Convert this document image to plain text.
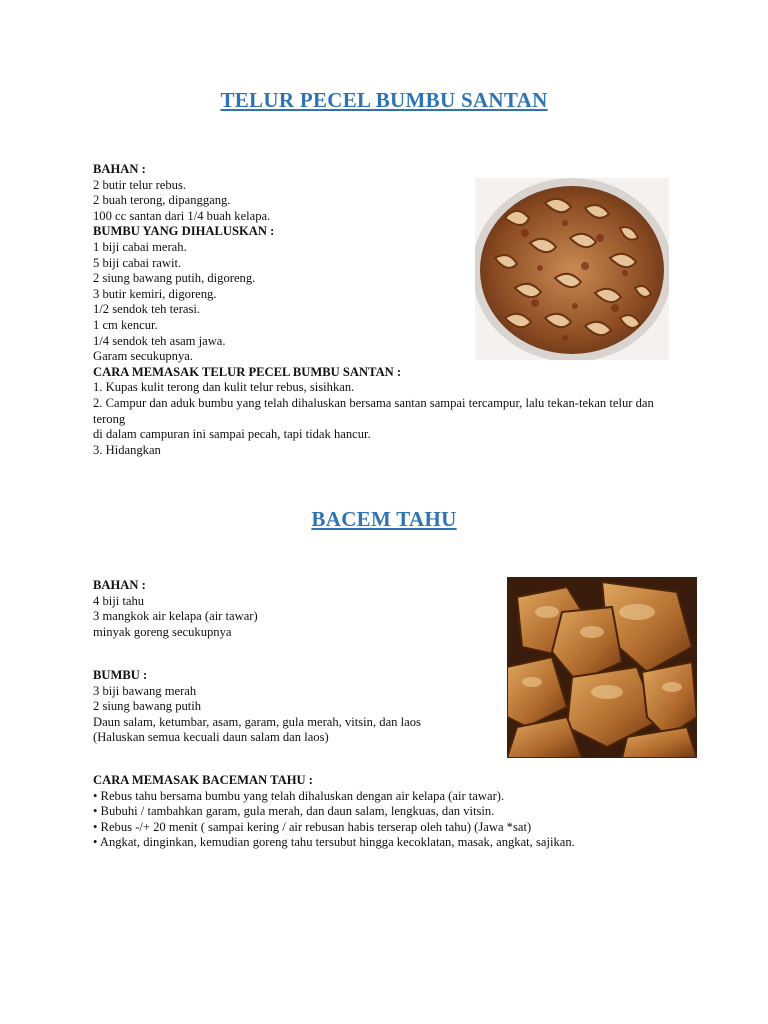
TELUR PECEL BUMBU SANTAN
BAHAN :
2 butir telur rebus.
2 buah terong, dipanggang.
100 cc santan dari 1/4 buah kelapa.
BUMBU YANG DIHALUSKAN :
1 biji cabai merah.
5 biji cabai rawit.
2 siung bawang putih, digoreng.
3 butir kemiri, digoreng.
1/2 sendok teh terasi.
1 cm kencur.
1/4 sendok teh asam jawa.
Garam secukupnya.
CARA MEMASAK TELUR PECEL BUMBU SANTAN :
1. Kupas kulit terong dan kulit telur rebus, sisihkan.
2. Campur dan aduk bumbu yang telah dihaluskan bersama santan sampai tercampur, lalu tekan-tekan telur dan terong
di dalam campuran ini sampai pecah, tapi tidak hancur.
3. Hidangkan
BACEM TAHU
BAHAN :
4 biji tahu
3 mangkok air kelapa (air tawar)
minyak goreng secukupnya
BUMBU :
3 biji bawang merah
2 siung bawang putih
Daun salam, ketumbar, asam, garam, gula merah, vitsin, dan laos
(Haluskan semua kecuali daun salam dan laos)
CARA MEMASAK BACEMAN TAHU :
• Rebus tahu bersama bumbu yang telah dihaluskan dengan air kelapa (air tawar).
• Bubuhi / tambahkan garam, gula merah, dan daun salam, lengkuas, dan vitsin.
• Rebus -/+ 20 menit ( sampai kering / air rebusan habis terserap oleh tahu) (Jawa *sat)
• Angkat, dinginkan, kemudian goreng tahu tersubut hingga kecoklatan, masak, angkat, sajikan.
